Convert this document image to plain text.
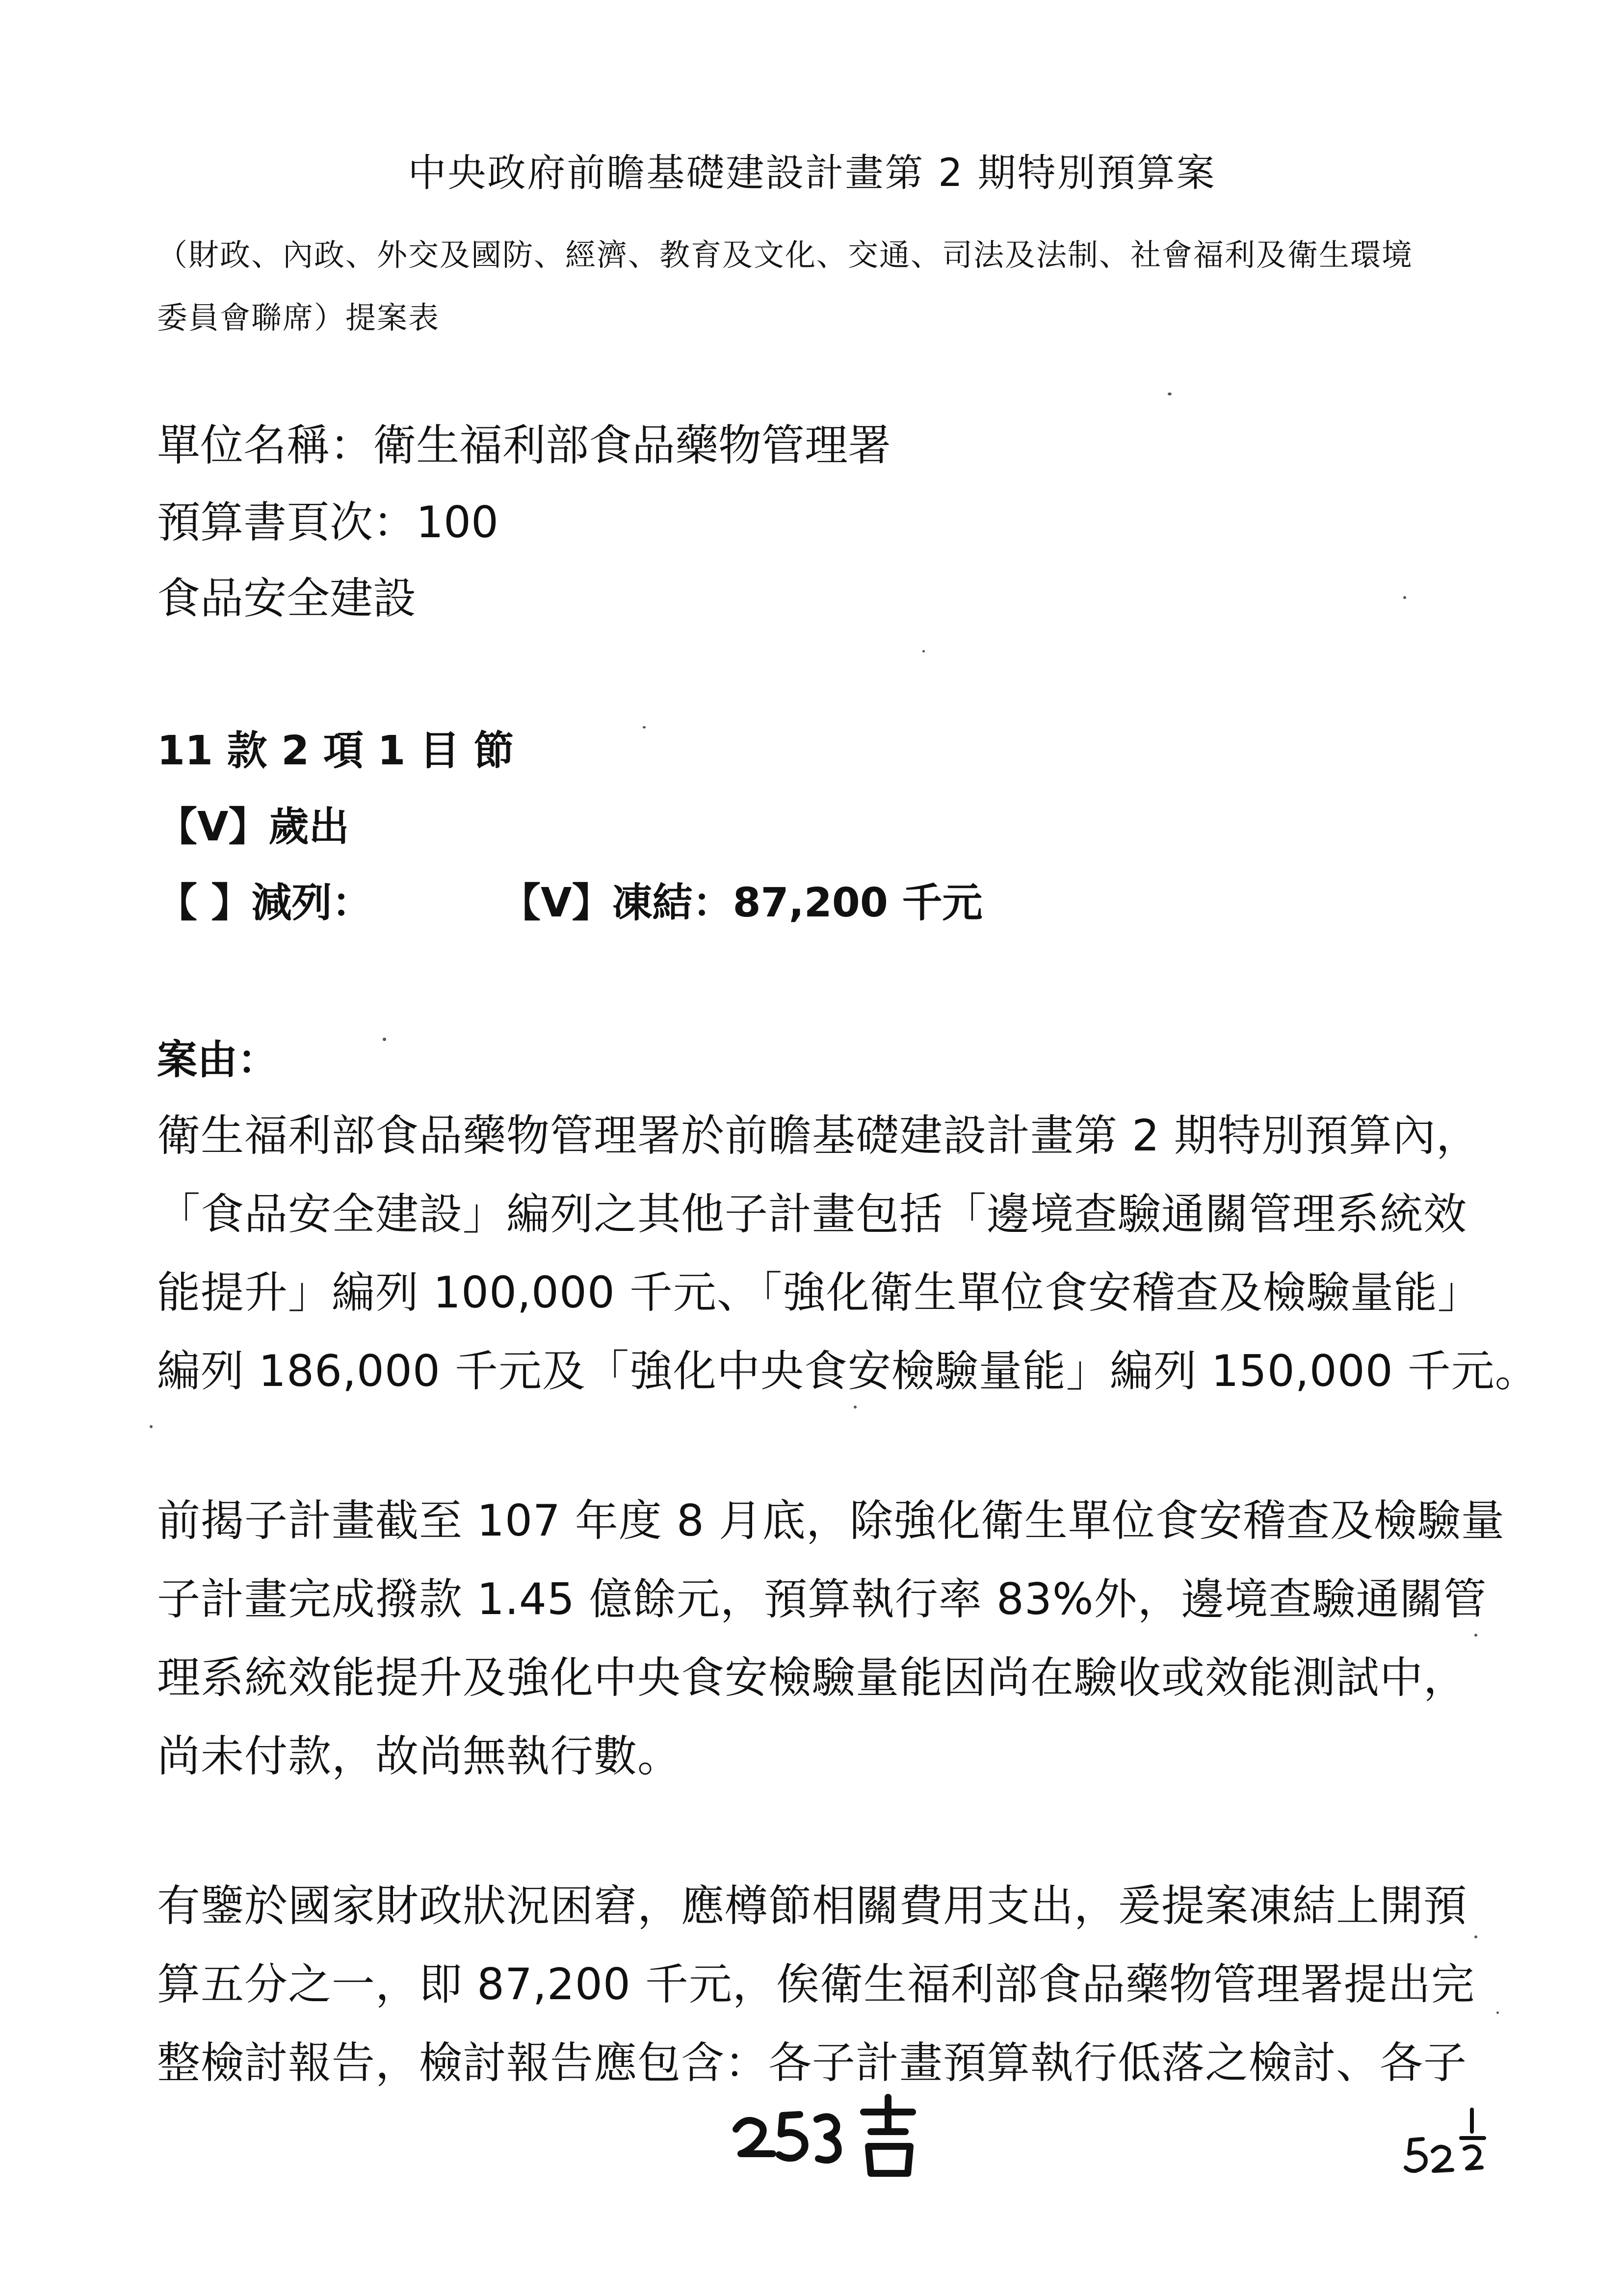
中央政府前瞻基礎建設計畫第 2 期特別預算案
（財政、內政、外交及國防、經濟、教育及文化、交通、司法及法制、社會福利及衛生環境
委員會聯席）提案表
單位名稱：衛生福利部食品藥物管理署
預算書頁次：100
食品安全建設
11 款 2 項 1 目 節
【V】歲出
【 】減列：	【V】凍結：87,200 千元
案由：
衛生福利部食品藥物管理署於前瞻基礎建設計畫第 2 期特別預算內，
「食品安全建設」編列之其他子計畫包括「邊境查驗通關管理系統效
能提升」編列 100,000 千元、「強化衛生單位食安稽查及檢驗量能」
編列 186,000 千元及「強化中央食安檢驗量能」編列 150,000 千元。
前揭子計畫截至 107 年度 8 月底，除強化衛生單位食安稽查及檢驗量
子計畫完成撥款 1.45 億餘元，預算執行率 83%外，邊境查驗通關管
理系統效能提升及強化中央食安檢驗量能因尚在驗收或效能測試中，
尚未付款，故尚無執行數。
有鑒於國家財政狀況困窘，應樽節相關費用支出，爰提案凍結上開預
算五分之一，即 87,200 千元，俟衛生福利部食品藥物管理署提出完
整檢討報告，檢討報告應包含：各子計畫預算執行低落之檢討、各子
